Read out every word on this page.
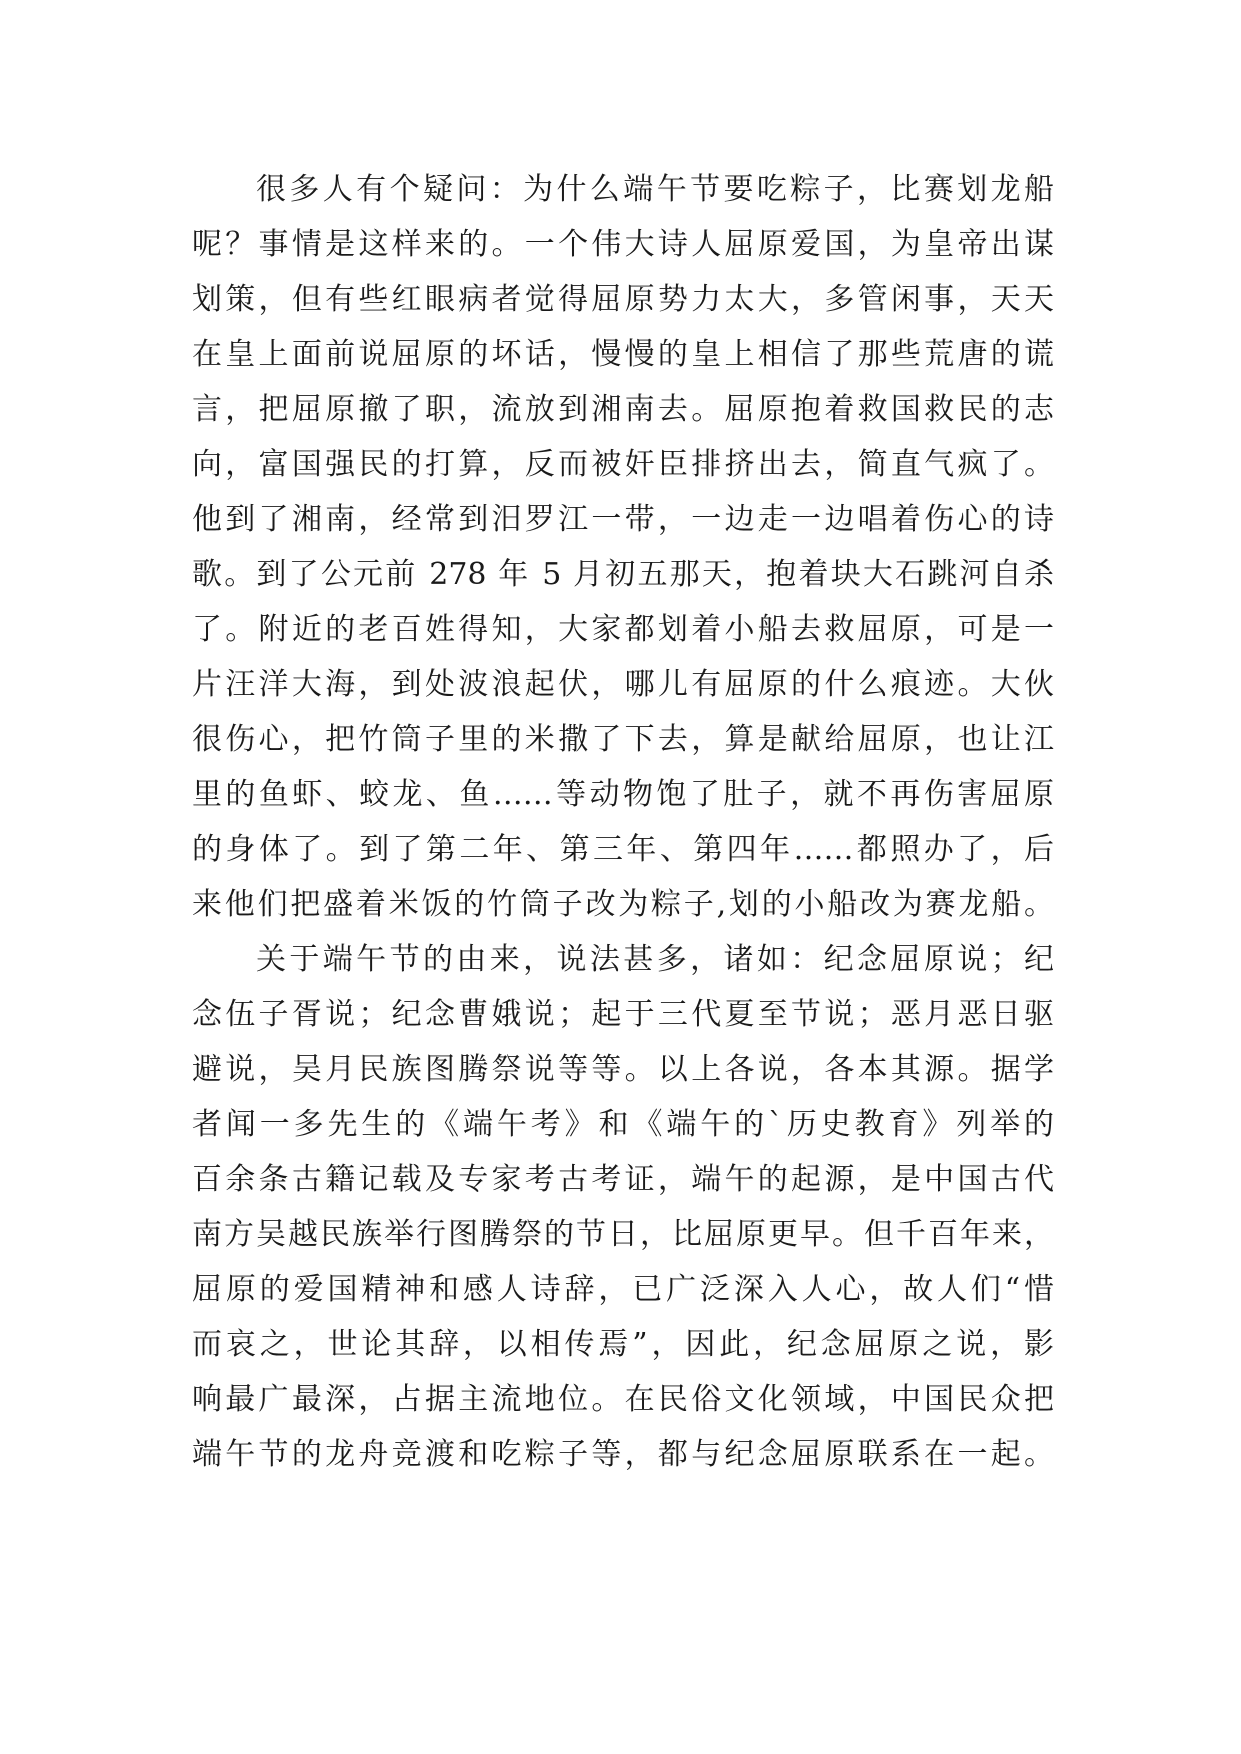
很多人有个疑问：为什么端午节要吃粽子，比赛划龙船
呢？事情是这样来的。一个伟大诗人屈原爱国，为皇帝出谋
划策，但有些红眼病者觉得屈原势力太大，多管闲事，天天
在皇上面前说屈原的坏话，慢慢的皇上相信了那些荒唐的谎
言，把屈原撤了职，流放到湘南去。屈原抱着救国救民的志
向，富国强民的打算，反而被奸臣排挤出去，简直气疯了。
他到了湘南，经常到汨罗江一带，一边走一边唱着伤心的诗
歌。到了公元前 278 年 5 月初五那天，抱着块大石跳河自杀
了。附近的老百姓得知，大家都划着小船去救屈原，可是一
片汪洋大海，到处波浪起伏，哪儿有屈原的什么痕迹。大伙
很伤心，把竹筒子里的米撒了下去，算是献给屈原，也让江
里的鱼虾、蛟龙、鱼……等动物饱了肚子，就不再伤害屈原
的身体了。到了第二年、第三年、第四年……都照办了，后
来他们把盛着米饭的竹筒子改为粽子,划的小船改为赛龙船。
关于端午节的由来，说法甚多，诸如：纪念屈原说；纪
念伍子胥说；纪念曹娥说；起于三代夏至节说；恶月恶日驱
避说，吴月民族图腾祭说等等。以上各说，各本其源。据学
者闻一多先生的《端午考》和《端午的`历史教育》列举的
百余条古籍记载及专家考古考证，端午的起源，是中国古代
南方吴越民族举行图腾祭的节日，比屈原更早。但千百年来，
屈原的爱国精神和感人诗辞，已广泛深入人心，故人们“惜
而哀之，世论其辞，以相传焉”，因此，纪念屈原之说，影
响最广最深，占据主流地位。在民俗文化领域，中国民众把
端午节的龙舟竞渡和吃粽子等，都与纪念屈原联系在一起。
